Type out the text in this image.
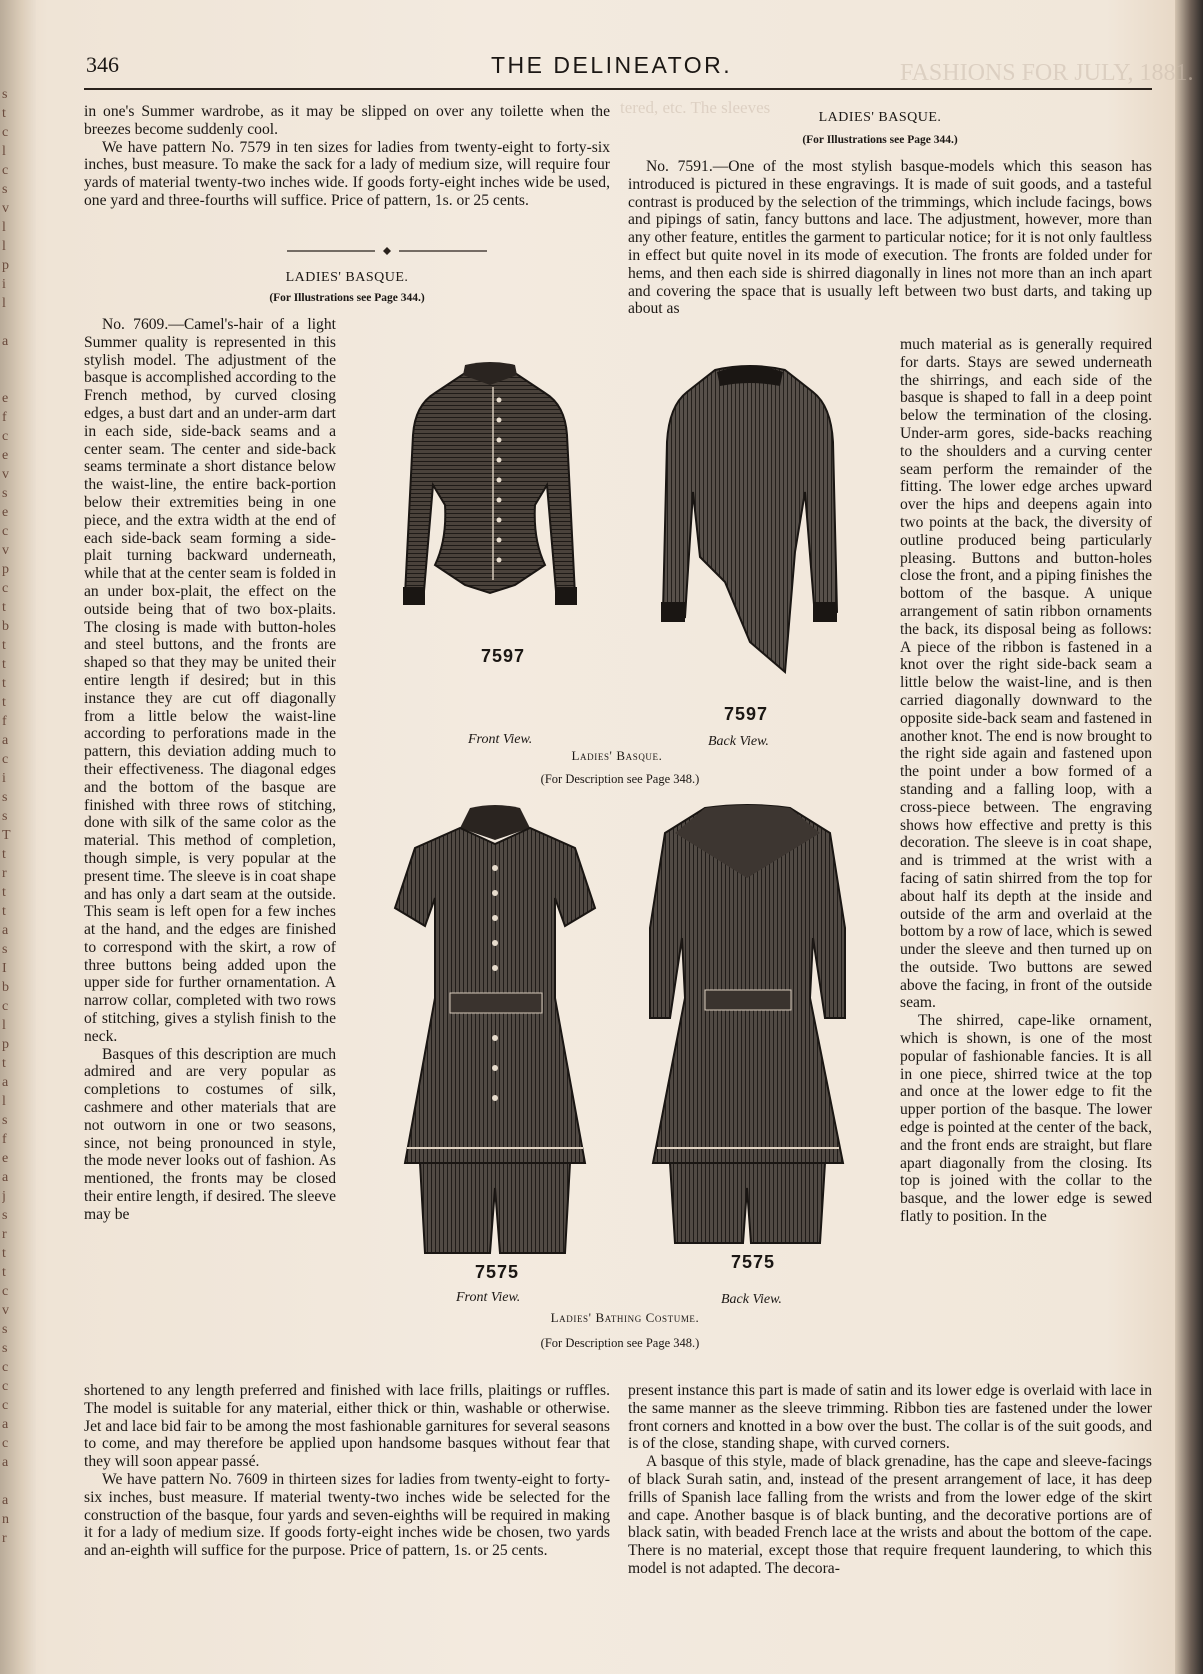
s
t
c
l
c
s
v
l
l
p
i
l

a

e
f
c
e
v
s
e
c
v
p
c
t
b
t
t
t
t
f
a
c
i
s
s
T
t
r
t
t
a
s
I
b
c
l
p
t
a
l
s
f
e
a
j
s
r
t
t
c
v
s
s
c
c
c
a
c
a

a
n
r
tered, etc. The sleeves
FASHIONS FOR JULY, 1881.
346	THE DELINEATOR.

in one's Summer wardrobe, as it may be slipped on over any toilette when the breezes become suddenly cool.

We have pattern No. 7579 in ten sizes for ladies from twenty-eight to forty-six inches, bust measure. To make the sack for a lady of medium size, will require four yards of material twenty-two inches wide. If goods forty-eight inches wide be used, one yard and three-fourths will suffice. Price of pattern, 1s. or 25 cents.

LADIES' BASQUE.
(For Illustrations see Page 344.)

No. 7609.—Camel's-hair of a light Summer quality is represented in this stylish model. The adjustment of the basque is accomplished according to the French method, by curved closing edges, a bust dart and an under-arm dart in each side, side-back seams and a center seam. The center and side-back seams terminate a short distance below the waist-line, the entire back-portion below their extremities being in one piece, and the extra width at the end of each side-back seam forming a side-plait turning backward underneath, while that at the center seam is folded in an under box-plait, the effect on the outside being that of two box-plaits. The closing is made with button-holes and steel buttons, and the fronts are shaped so that they may be united their entire length if desired; but in this instance they are cut off diagonally from a little below the waist-line according to perforations made in the pattern, this deviation adding much to their effectiveness. The diagonal edges and the bottom of the basque are finished with three rows of stitching, done with silk of the same color as the material. This method of completion, though simple, is very popular at the present time. The sleeve is in coat shape and has only a dart seam at the outside. This seam is left open for a few inches at the hand, and the edges are finished to correspond with the skirt, a row of three buttons being added upon the upper side for further ornamentation. A narrow collar, completed with two rows of stitching, gives a stylish finish to the neck.

Basques of this description are much admired and are very popular as completions to costumes of silk, cashmere and other materials that are not outworn in one or two seasons, since, not being pronounced in style, the mode never looks out of fashion. As mentioned, the fronts may be closed their entire length, if desired. The sleeve may be

shortened to any length preferred and finished with lace frills, plaitings or ruffles. The model is suitable for any material, either thick or thin, washable or otherwise. Jet and lace bid fair to be among the most fashionable garnitures for several seasons to come, and may therefore be applied upon handsome basques without fear that they will soon appear passé.

We have pattern No. 7609 in thirteen sizes for ladies from twenty-eight to forty-six inches, bust measure. If material twenty-two inches wide be selected for the construction of the basque, four yards and seven-eighths will be required in making it for a lady of medium size. If goods forty-eight inches wide be chosen, two yards and an-eighth will suffice for the purpose. Price of pattern, 1s. or 25 cents.

LADIES' BASQUE.
(For Illustrations see Page 344.)

No. 7591.—One of the most stylish basque-models which this season has introduced is pictured in these engravings. It is made of suit goods, and a tasteful contrast is produced by the selection of the trimmings, which include facings, bows and pipings of satin, fancy buttons and lace. The adjustment, however, more than any other feature, entitles the garment to particular notice; for it is not only faultless in effect but quite novel in its mode of execution. The fronts are folded under for hems, and then each side is shirred diagonally in lines not more than an inch apart and covering the space that is usually left between two bust darts, and taking up about as

much material as is generally required for darts. Stays are sewed underneath the shirrings, and each side of the basque is shaped to fall in a deep point below the termination of the closing. Under-arm gores, side-backs reaching to the shoulders and a curving center seam perform the remainder of the fitting. The lower edge arches upward over the hips and deepens again into two points at the back, the diversity of outline produced being particularly pleasing. Buttons and button-holes close the front, and a piping finishes the bottom of the basque. A unique arrangement of satin ribbon ornaments the back, its disposal being as follows: A piece of the ribbon is fastened in a knot over the right side-back seam a little below the waist-line, and is then carried diagonally downward to the opposite side-back seam and fastened in another knot. The end is now brought to the right side again and fastened upon the point under a bow formed of a standing and a falling loop, with a cross-piece between. The engraving shows how effective and pretty is this decoration. The sleeve is in coat shape, and is trimmed at the wrist with a facing of satin shirred from the top for about half its depth at the inside and outside of the arm and overlaid at the bottom by a row of lace, which is sewed under the sleeve and then turned up on the outside. Two buttons are sewed above the facing, in front of the outside seam.

The shirred, cape-like ornament, which is shown, is one of the most popular of fashionable fancies. It is all in one piece, shirred twice at the top and once at the lower edge to fit the upper portion of the basque. The lower edge is pointed at the center of the back, and the front ends are straight, but flare apart diagonally from the closing. Its top is joined with the collar to the basque, and the lower edge is sewed flatly to position. In the

present instance this part is made of satin and its lower edge is overlaid with lace in the same manner as the sleeve trimming. Ribbon ties are fastened under the lower front corners and knotted in a bow over the bust. The collar is of the suit goods, and is of the close, standing shape, with curved corners.

A basque of this style, made of black grenadine, has the cape and sleeve-facings of black Surah satin, and, instead of the present arrangement of lace, it has deep frills of Spanish lace falling from the wrists and from the lower edge of the skirt and cape. Another basque is of black bunting, and the decorative portions are of black satin, with beaded French lace at the wrists and about the bottom of the cape. There is no material, except those that require frequent laundering, to which this model is not adapted. The decora-

7597
7597
Front View.	Back View.
Ladies' Basque.
(For Description see Page 348.)
7575	7575
Front View.	Back View.
Ladies' Bathing Costume.
(For Description see Page 348.)
